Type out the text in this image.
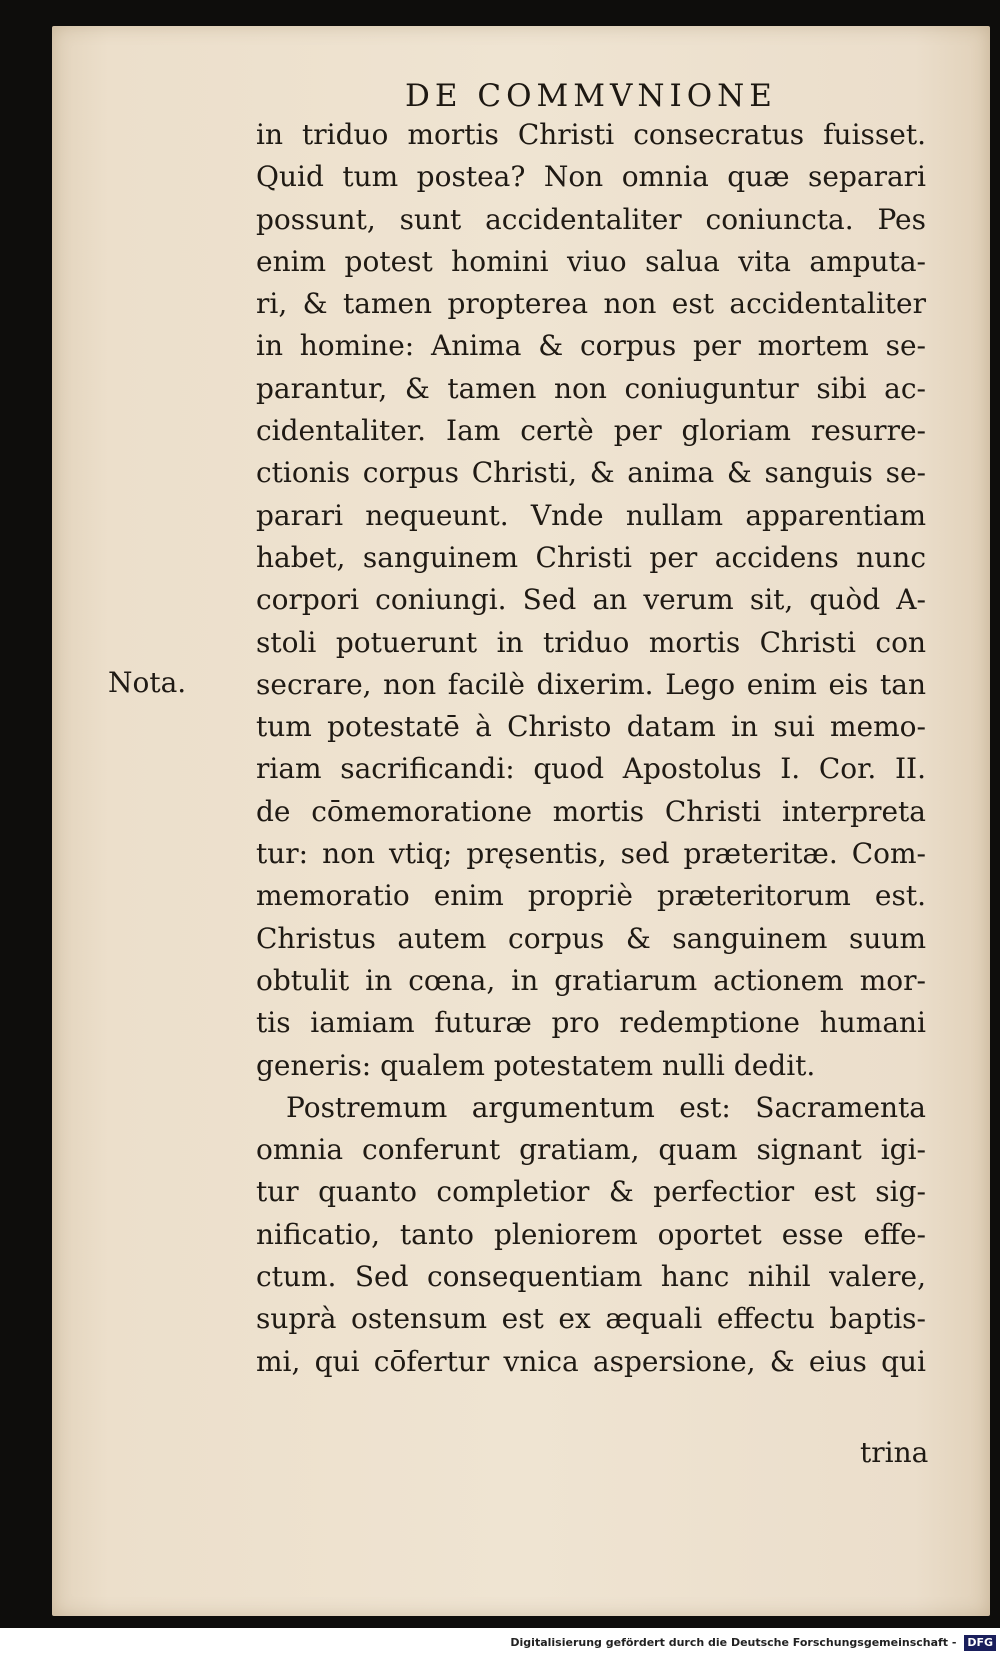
DE COMMVNIONE
Nota.
in triduo mortis Christi consecratus fuisset.
Quid tum postea? Non omnia quæ separari
possunt, sunt accidentaliter coniuncta. Pes
enim potest homini viuo salua vita amputa-
ri, & tamen propterea non est accidentaliter
in homine: Anima & corpus per mortem se-
parantur, & tamen non coniuguntur sibi ac-
cidentaliter. Iam certè per gloriam resurre-
ctionis corpus Christi, & anima & sanguis se-
parari nequeunt. Vnde nullam apparentiam
habet, sanguinem Christi per accidens nunc
corpori coniungi. Sed an verum sit, quòd A-
stoli potuerunt in triduo mortis Christi con
secrare, non facilè dixerim. Lego enim eis tan
tum potestatē à Christo datam in sui memo-
riam sacrificandi: quod Apostolus I. Cor. II.
de cōmemoratione mortis Christi interpreta
tur: non vtiq; pręsentis, sed præteritæ. Com-
memoratio enim propriè præteritorum est.
Christus autem corpus & sanguinem suum
obtulit in cœna, in gratiarum actionem mor-
tis iamiam futuræ pro redemptione humani
generis: qualem potestatem nulli dedit.
Postremum argumentum est: Sacramenta
omnia conferunt gratiam, quam signant igi-
tur quanto completior & perfectior est sig-
nificatio, tanto pleniorem oportet esse effe-
ctum. Sed consequentiam hanc nihil valere,
suprà ostensum est ex æquali effectu baptis-
mi, qui cōfertur vnica aspersione, & eius qui
trina
Digitalisierung gefördert durch die Deutsche Forschungsgemeinschaft - DFG
